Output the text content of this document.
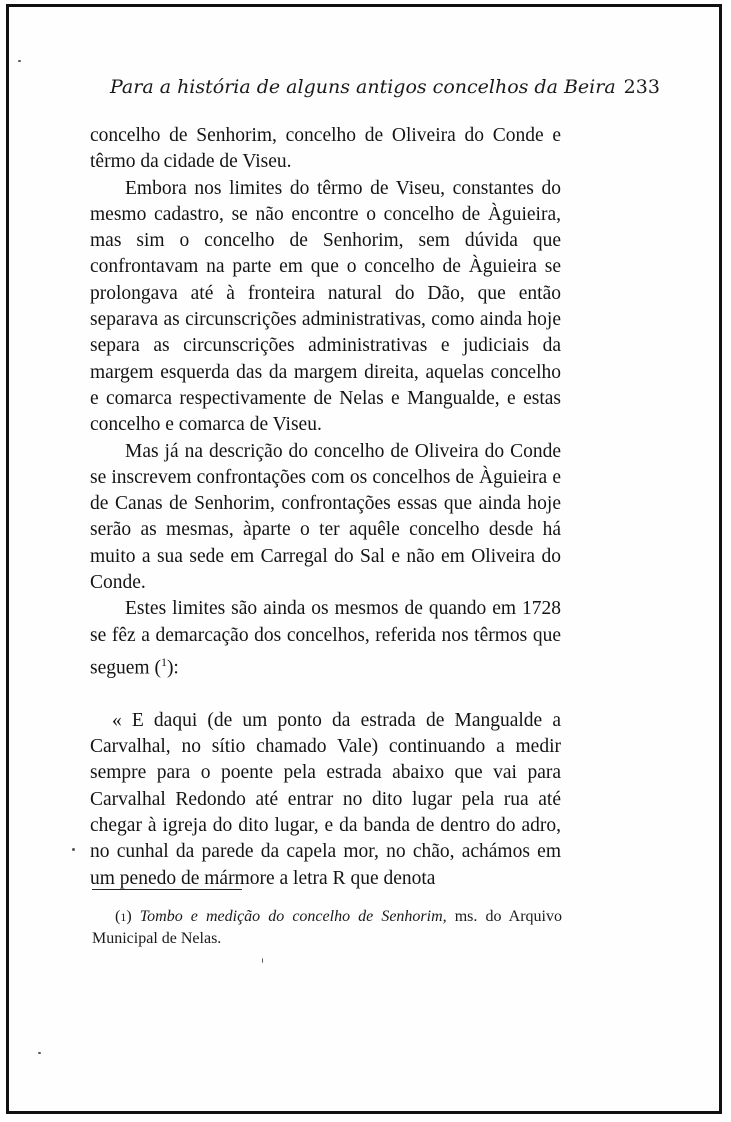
Para a história de alguns antigos concelhos da Beira 233

concelho de Senhorim, concelho de Oliveira do Conde e têrmo da cidade de Viseu.

Embora nos limites do têrmo de Viseu, constantes do mesmo cadastro, se não encontre o concelho de Àguieira, mas sim o concelho de Senhorim, sem dúvida que confrontavam na parte em que o concelho de Àguieira se prolongava até à fronteira natural do Dão, que então separava as circunscrições administrativas, como ainda hoje separa as circunscrições administrativas e judiciais da margem esquerda das da margem direita, aquelas concelho e comarca respectivamente de Nelas e Mangualde, e estas concelho e comarca de Viseu.

Mas já na descrição do concelho de Oliveira do Conde se inscrevem confrontações com os concelhos de Àguieira e de Canas de Senhorim, confrontações essas que ainda hoje serão as mesmas, àparte o ter aquêle concelho desde há muito a sua sede em Carregal do Sal e não em Oliveira do Conde.

Estes limites são ainda os mesmos de quando em 1728 se fêz a demarcação dos concelhos, referida nos têrmos que seguem ($^1$):

« E daqui (de um ponto da estrada de Mangualde a Carvalhal, no sítio chamado Vale) continuando a medir sempre para o poente pela estrada abaixo que vai para Carvalhal Redondo até entrar no dito lugar pela rua até chegar à igreja do dito lugar, e da banda de dentro do adro, no cunhal da parede da capela mor, no chão, achámos em um penedo de mármore a letra R que denota

($^1$) Tombo e medição do concelho de Senhorim, ms. do Arquivo Municipal de Nelas.
